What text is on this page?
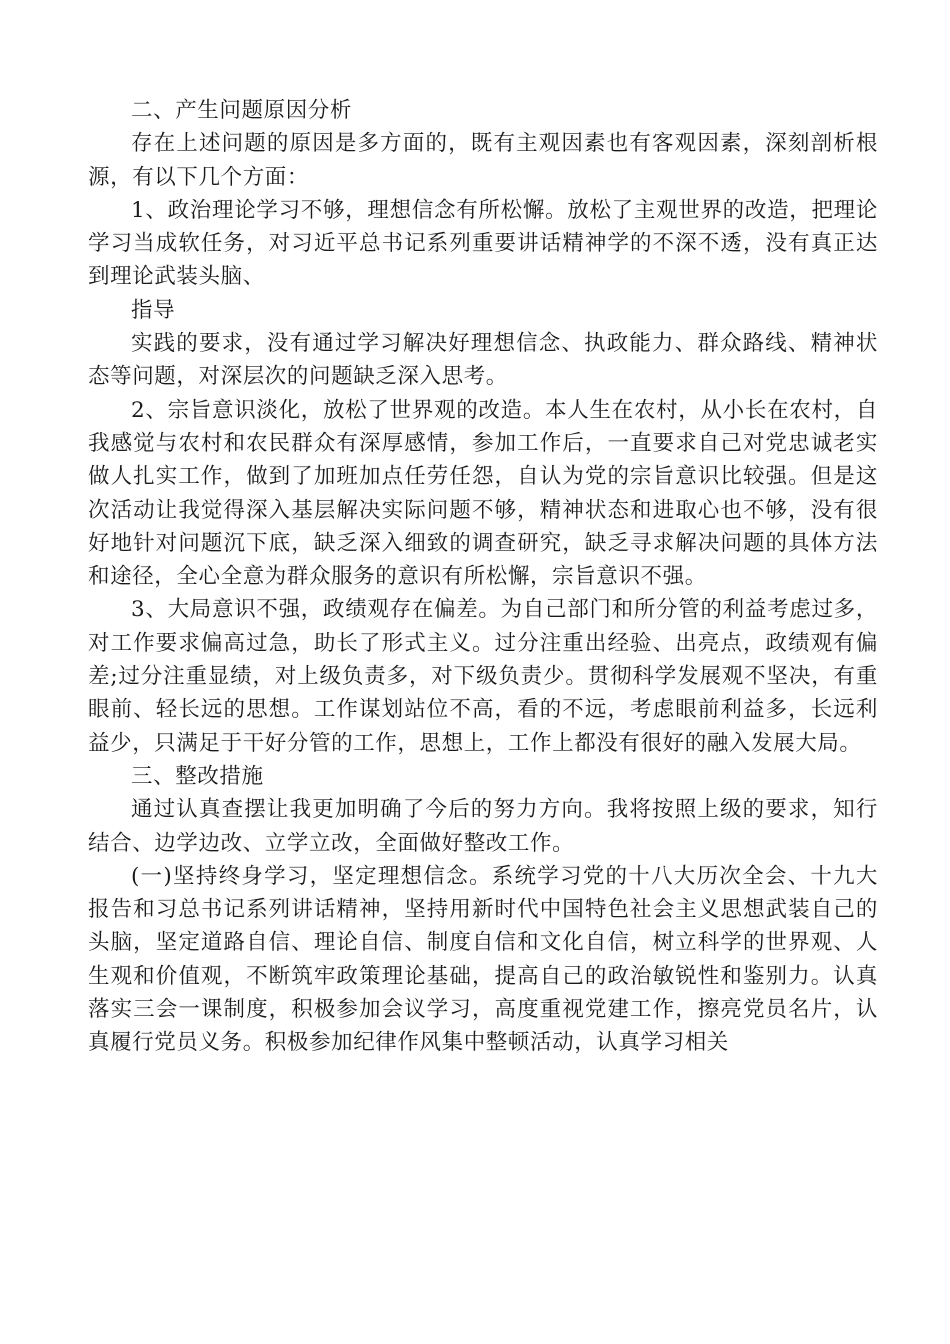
二、产生问题原因分析

存在上述问题的原因是多方面的，既有主观因素也有客观因素，深刻剖析根源，有以下几个方面：

1、政治理论学习不够，理想信念有所松懈。放松了主观世界的改造，把理论学习当成软任务，对习近平总书记系列重要讲话精神学的不深不透，没有真正达到理论武装头脑、

指导

实践的要求，没有通过学习解决好理想信念、执政能力、群众路线、精神状态等问题，对深层次的问题缺乏深入思考。

2、宗旨意识淡化，放松了世界观的改造。本人生在农村，从小长在农村，自我感觉与农村和农民群众有深厚感情，参加工作后，一直要求自己对党忠诚老实做人扎实工作，做到了加班加点任劳任怨，自认为党的宗旨意识比较强。但是这次活动让我觉得深入基层解决实际问题不够，精神状态和进取心也不够，没有很好地针对问题沉下底，缺乏深入细致的调查研究，缺乏寻求解决问题的具体方法和途径，全心全意为群众服务的意识有所松懈，宗旨意识不强。

3、大局意识不强，政绩观存在偏差。为自己部门和所分管的利益考虑过多，对工作要求偏高过急，助长了形式主义。过分注重出经验、出亮点，政绩观有偏差;过分注重显绩，对上级负责多，对下级负责少。贯彻科学发展观不坚决，有重眼前、轻长远的思想。工作谋划站位不高，看的不远，考虑眼前利益多，长远利益少，只满足于干好分管的工作，思想上，工作上都没有很好的融入发展大局。

三、整改措施

通过认真查摆让我更加明确了今后的努力方向。我将按照上级的要求，知行结合、边学边改、立学立改，全面做好整改工作。

(一)坚持终身学习，坚定理想信念。系统学习党的十八大历次全会、十九大报告和习总书记系列讲话精神，坚持用新时代中国特色社会主义思想武装自己的头脑，坚定道路自信、理论自信、制度自信和文化自信，树立科学的世界观、人生观和价值观，不断筑牢政策理论基础，提高自己的政治敏锐性和鉴别力。认真落实三会一课制度，积极参加会议学习，高度重视党建工作，擦亮党员名片，认真履行党员义务。积极参加纪律作风集中整顿活动，认真学习相关
